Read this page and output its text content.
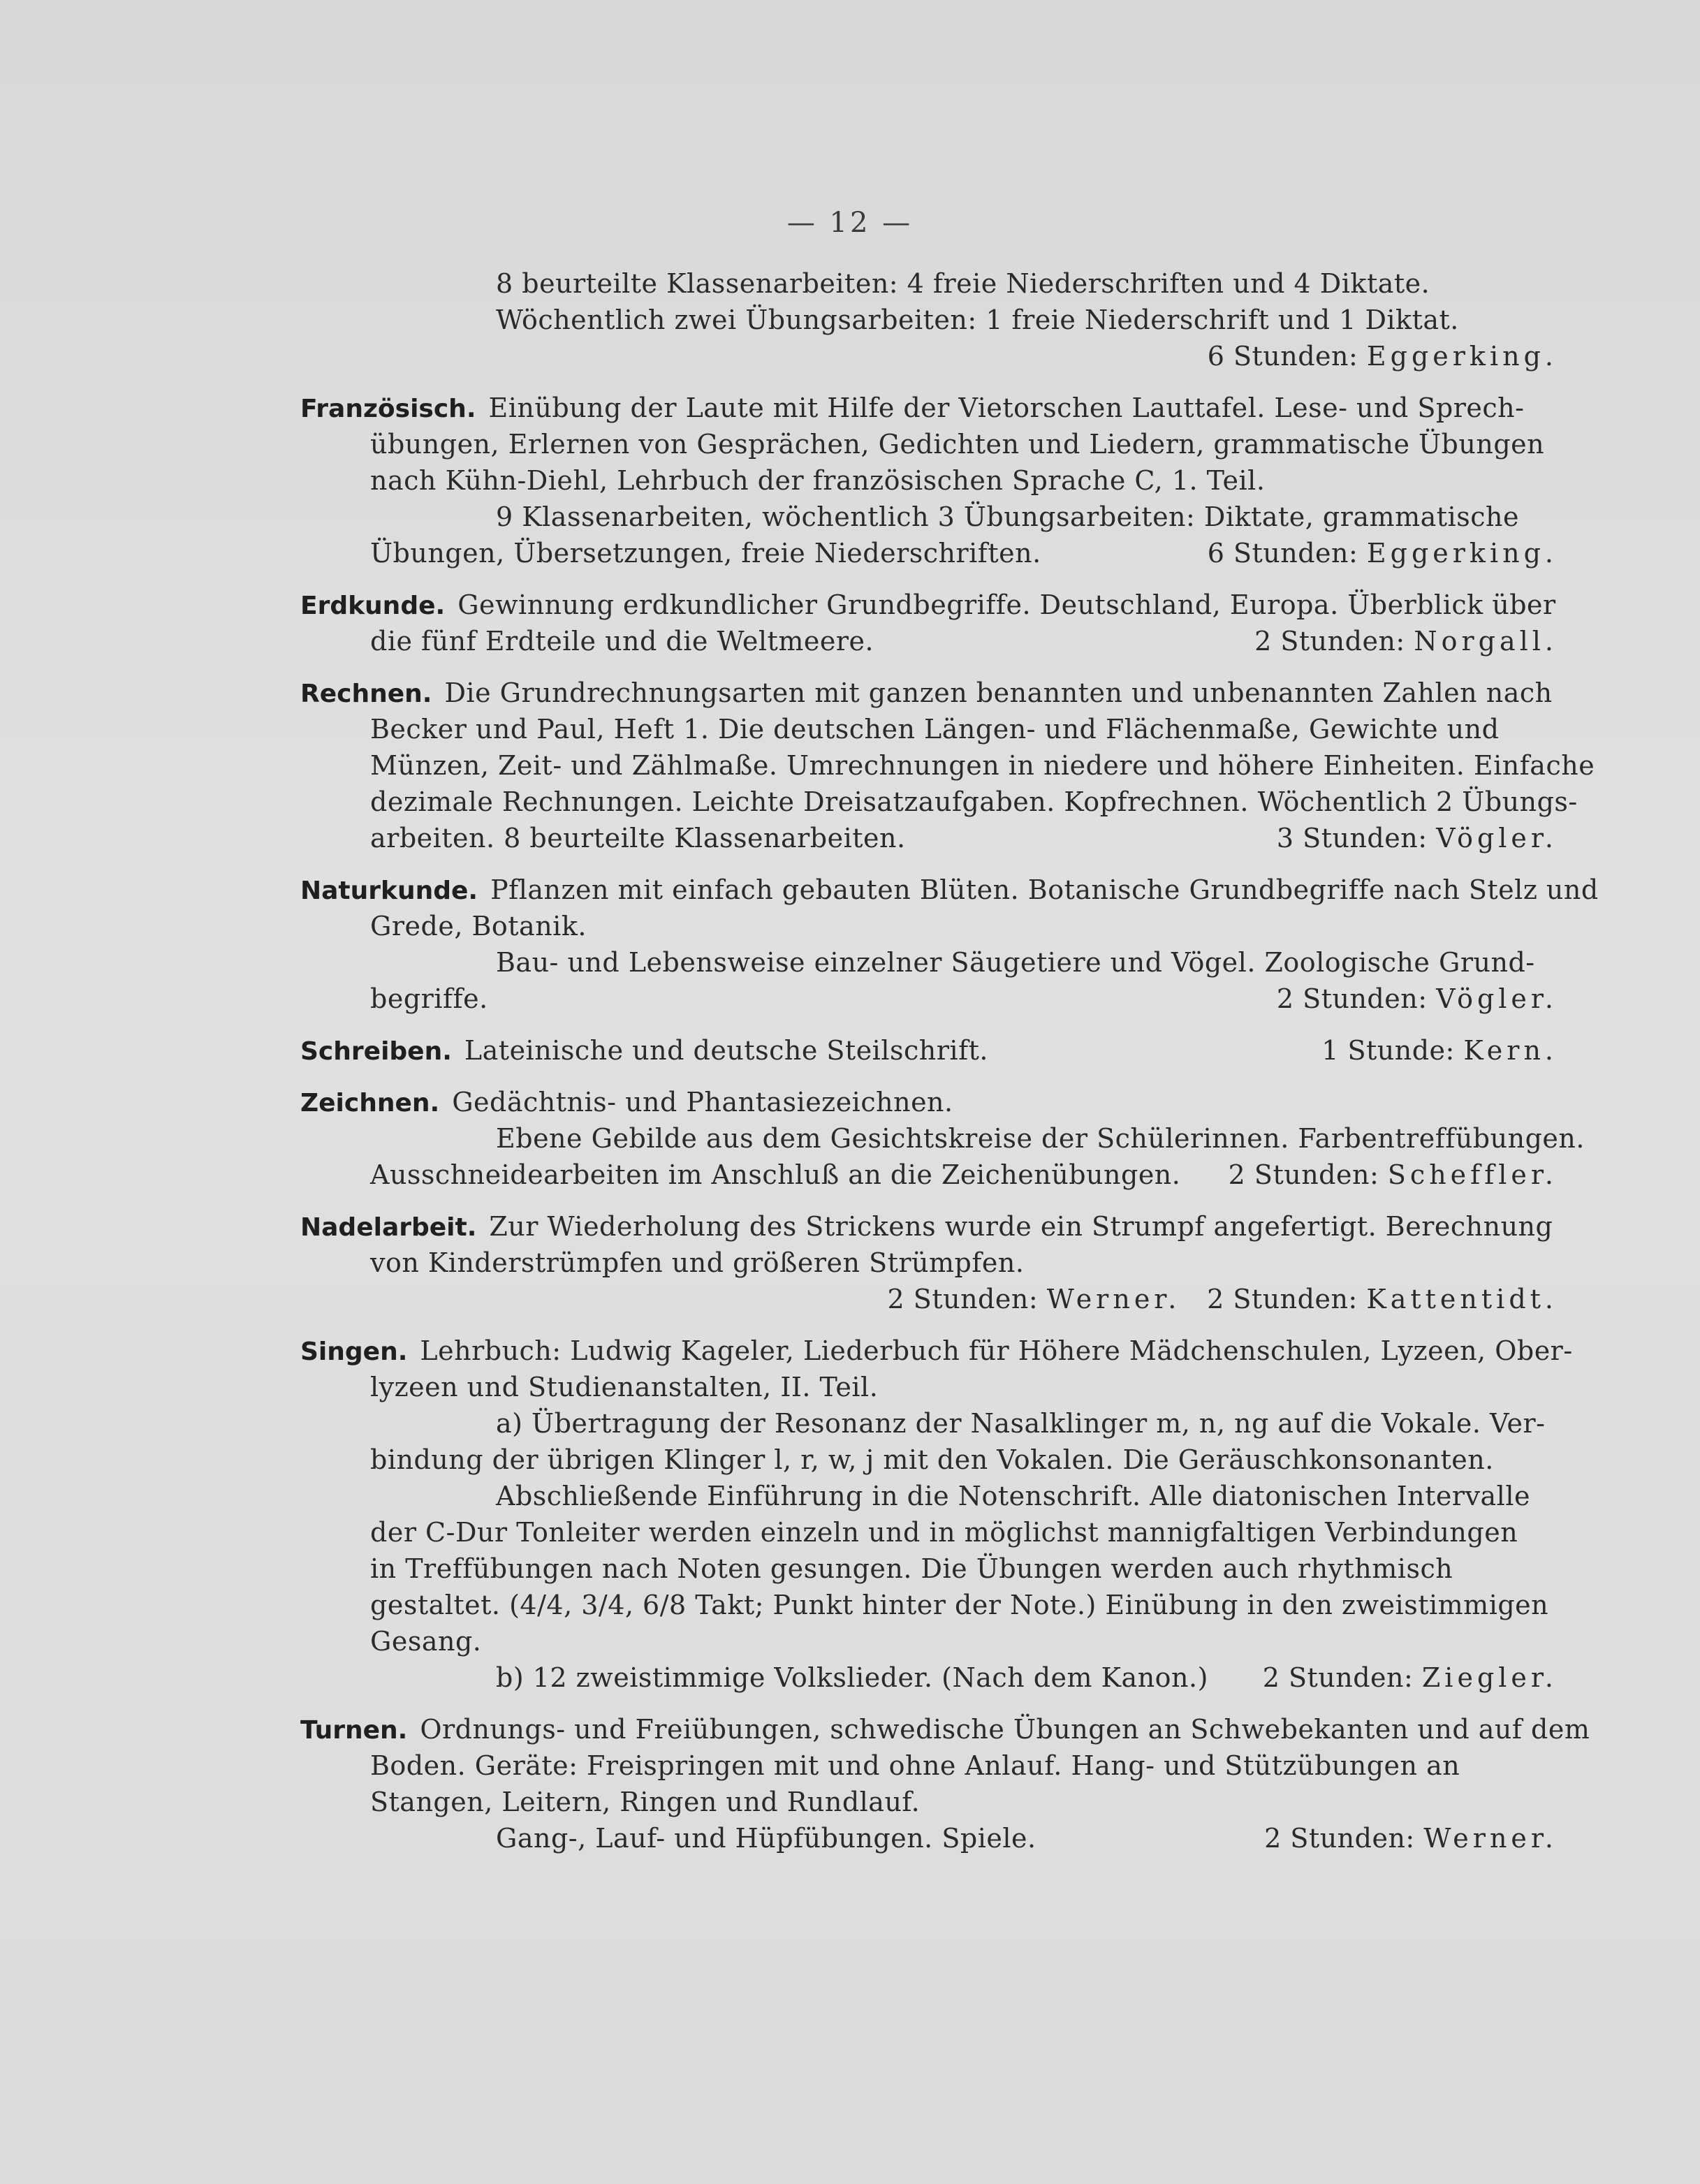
— 12 —
8 beurteilte Klassenarbeiten: 4 freie Niederschriften und 4 Diktate.
Wöchentlich zwei Übungsarbeiten: 1 freie Niederschrift und 1 Diktat.
6 Stunden: Eggerking.
Französisch. Einübung der Laute mit Hilfe der Vietorschen Lauttafel. Lese- und Sprech-
übungen, Erlernen von Gesprächen, Gedichten und Liedern, grammatische Übungen
nach Kühn-Diehl, Lehrbuch der französischen Sprache C, 1. Teil.
9 Klassenarbeiten, wöchentlich 3 Übungsarbeiten: Diktate, grammatische
Übungen, Übersetzungen, freie Niederschriften.	6 Stunden: Eggerking.
Erdkunde. Gewinnung erdkundlicher Grundbegriffe. Deutschland, Europa. Überblick über
die fünf Erdteile und die Weltmeere.	2 Stunden: Norgall.
Rechnen. Die Grundrechnungsarten mit ganzen benannten und unbenannten Zahlen nach
Becker und Paul, Heft 1. Die deutschen Längen- und Flächenmaße, Gewichte und
Münzen, Zeit- und Zählmaße. Umrechnungen in niedere und höhere Einheiten. Einfache
dezimale Rechnungen. Leichte Dreisatzaufgaben. Kopfrechnen. Wöchentlich 2 Übungs-
arbeiten. 8 beurteilte Klassenarbeiten.	3 Stunden: Vögler.
Naturkunde. Pflanzen mit einfach gebauten Blüten. Botanische Grundbegriffe nach Stelz und
Grede, Botanik.
Bau- und Lebensweise einzelner Säugetiere und Vögel. Zoologische Grund-
begriffe.	2 Stunden: Vögler.
Schreiben. Lateinische und deutsche Steilschrift.	1 Stunde: Kern.
Zeichnen. Gedächtnis- und Phantasiezeichnen.
Ebene Gebilde aus dem Gesichtskreise der Schülerinnen. Farbentreffübungen.
Ausschneidearbeiten im Anschluß an die Zeichenübungen. 2 Stunden: Scheffler.
Nadelarbeit. Zur Wiederholung des Strickens wurde ein Strumpf angefertigt. Berechnung
von Kinderstrümpfen und größeren Strümpfen.
2 Stunden: Werner. 2 Stunden: Kattentidt.
Singen. Lehrbuch: Ludwig Kageler, Liederbuch für Höhere Mädchenschulen, Lyzeen, Ober-
lyzeen und Studienanstalten, II. Teil.
a) Übertragung der Resonanz der Nasalklinger m, n, ng auf die Vokale. Ver-
bindung der übrigen Klinger l, r, w, j mit den Vokalen. Die Geräuschkonsonanten.
Abschließende Einführung in die Notenschrift. Alle diatonischen Intervalle
der C-Dur Tonleiter werden einzeln und in möglichst mannigfaltigen Verbindungen
in Treffübungen nach Noten gesungen. Die Übungen werden auch rhythmisch
gestaltet. (4/4, 3/4, 6/8 Takt; Punkt hinter der Note.) Einübung in den zweistimmigen
Gesang.
b) 12 zweistimmige Volkslieder. (Nach dem Kanon.) 2 Stunden: Ziegler.
Turnen. Ordnungs- und Freiübungen, schwedische Übungen an Schwebekanten und auf dem
Boden. Geräte: Freispringen mit und ohne Anlauf. Hang- und Stützübungen an
Stangen, Leitern, Ringen und Rundlauf.
Gang-, Lauf- und Hüpfübungen. Spiele.	2 Stunden: Werner.
